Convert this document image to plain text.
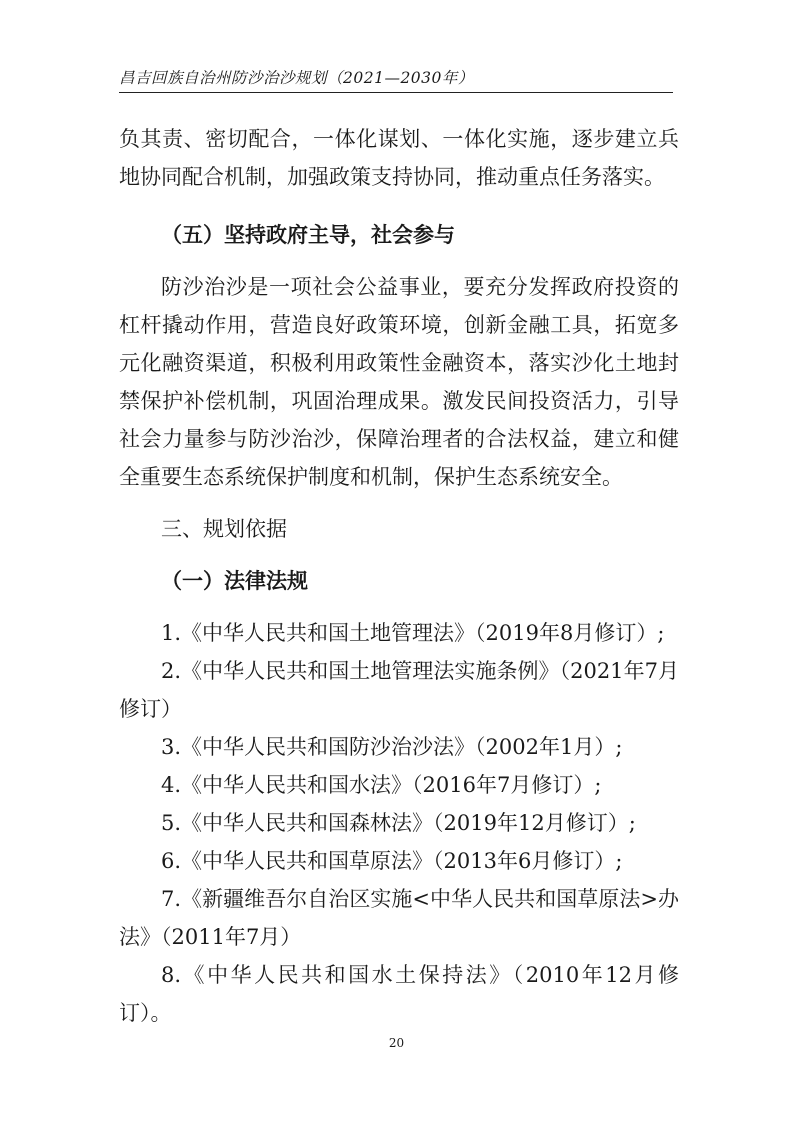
昌吉回族自治州防沙治沙规划（2021—2030年）

负其责、密切配合，一体化谋划、一体化实施，逐步建立兵地协同配合机制，加强政策支持协同，推动重点任务落实。

（五）坚持政府主导，社会参与

防沙治沙是一项社会公益事业，要充分发挥政府投资的杠杆撬动作用，营造良好政策环境，创新金融工具，拓宽多元化融资渠道，积极利用政策性金融资本，落实沙化土地封禁保护补偿机制，巩固治理成果。激发民间投资活力，引导社会力量参与防沙治沙，保障治理者的合法权益，建立和健全重要生态系统保护制度和机制，保护生态系统安全。

三、规划依据

（一）法律法规

1.《中华人民共和国土地管理法》（2019年8月修订）;
2.《中华人民共和国土地管理法实施条例》（2021年7月修订）
3.《中华人民共和国防沙治沙法》（2002年1月）;
4.《中华人民共和国水法》（2016年7月修订）;
5.《中华人民共和国森林法》（2019年12月修订）;
6.《中华人民共和国草原法》（2013年6月修订）;
7.《新疆维吾尔自治区实施<中华人民共和国草原法>办法》（2011年7月）
8.《中华人民共和国水土保持法》（2010年12月修订）。
20
